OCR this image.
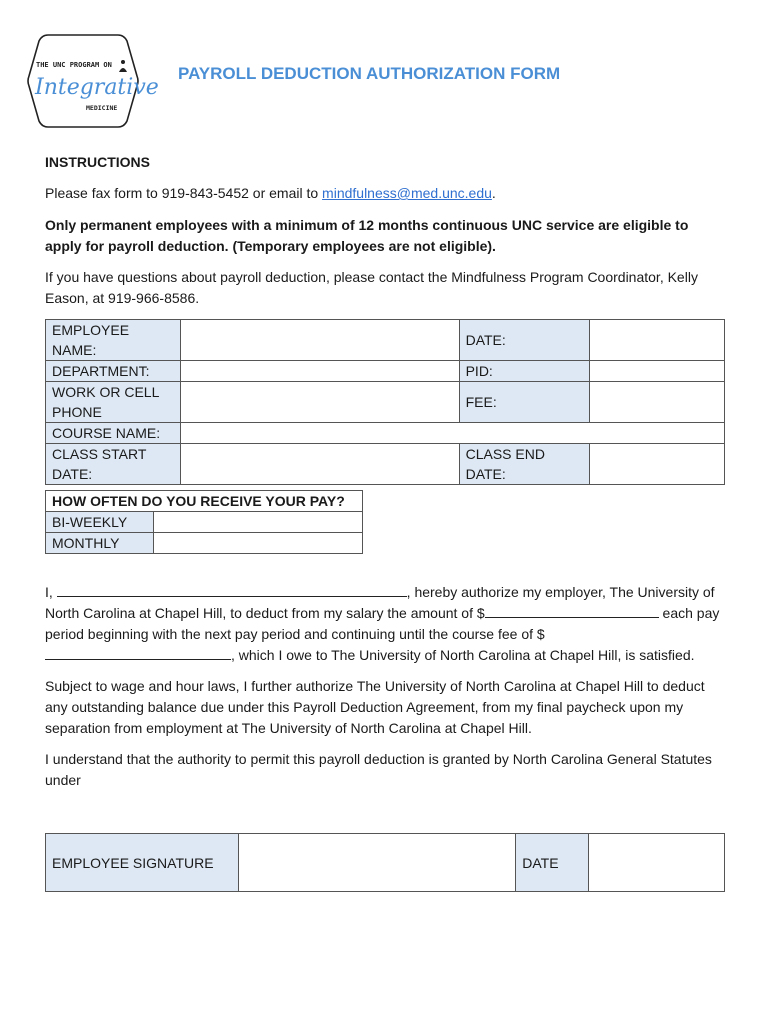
THE UNC PROGRAM ON
Integrative
MEDICINE
PAYROLL DEDUCTION AUTHORIZATION FORM
INSTRUCTIONS
Please fax form to 919-843-5452 or email to mindfulness@med.unc.edu.
Only permanent employees with a minimum of 12 months continuous UNC service are eligible to apply for payroll deduction. (Temporary employees are not eligible).
If you have questions about payroll deduction, please contact the Mindfulness Program Coordinator, Kelly Eason, at 919-966-8586.
EMPLOYEE NAME:		DATE:	
DEPARTMENT:		PID:	
WORK OR CELL PHONE		FEE:	
COURSE NAME:			
CLASS START DATE:		CLASS END DATE:	
HOW OFTEN DO YOU RECEIVE YOUR PAY?	
BI-WEEKLY	
MONTHLY	
I,	, hereby authorize my employer, The University of North Carolina at Chapel Hill, to deduct from my salary the amount of $	each pay period beginning with the next pay period and continuing until the course fee of $, which I owe to The University of North Carolina at Chapel Hill, is satisfied.
Subject to wage and hour laws, I further authorize The University of North Carolina at Chapel Hill to deduct any outstanding balance due under this Payroll Deduction Agreement, from my final paycheck upon my separation from employment at The University of North Carolina at Chapel Hill.
I understand that the authority to permit this payroll deduction is granted by North Carolina General Statutes under
EMPLOYEE SIGNATURE		DATE	
